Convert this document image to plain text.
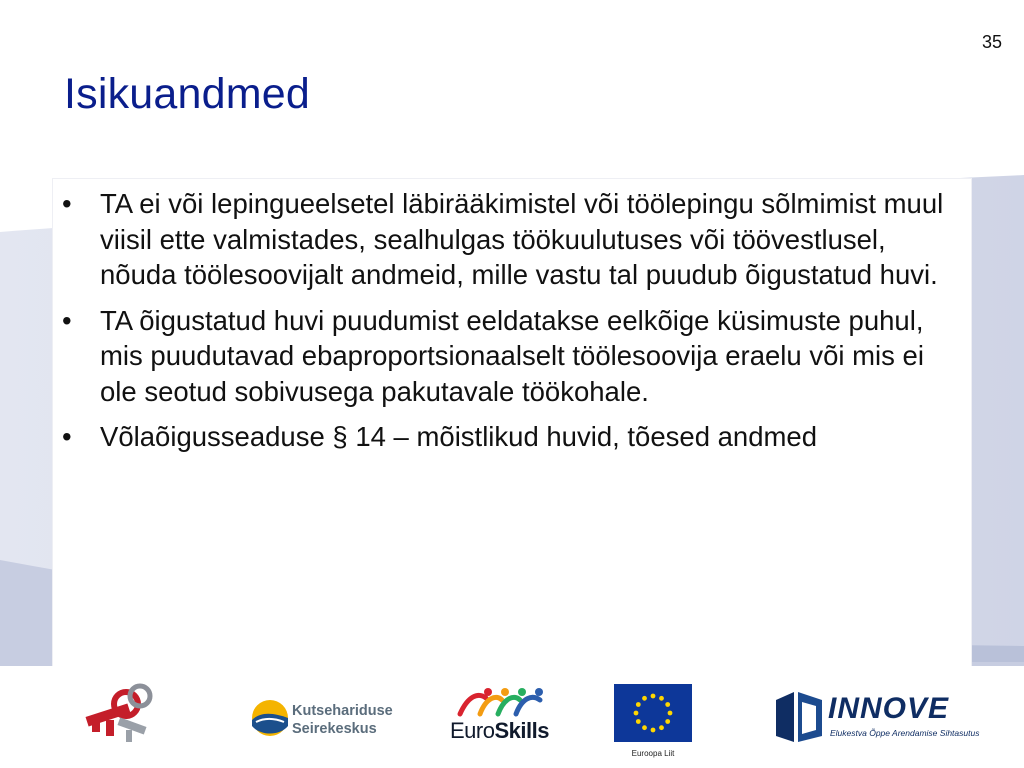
35
Isikuandmed
•	TA ei või lepingueelsetel läbirääkimistel või töölepingu sõlmimist muul viisil ette valmistades, sealhulgas töökuulutuses või töövestlusel, nõuda töölesoovijalt andmeid, mille vastu tal puudub õigustatud huvi.
•	TA õigustatud huvi puudumist eeldatakse eelkõige küsimuste puhul, mis puudutavad ebaproportsionaalselt töölesoovija eraelu või mis ei ole seotud sobivusega pakutavale töökohale.
•	Võlaõigusseaduse § 14 – mõistlikud huvid, tõesed andmed
Kutsehariduse
Seirekeskus	EuroSkills
Euroopa Liit
INNOVE
Elukestva Õppe Arendamise Sihtasutus
